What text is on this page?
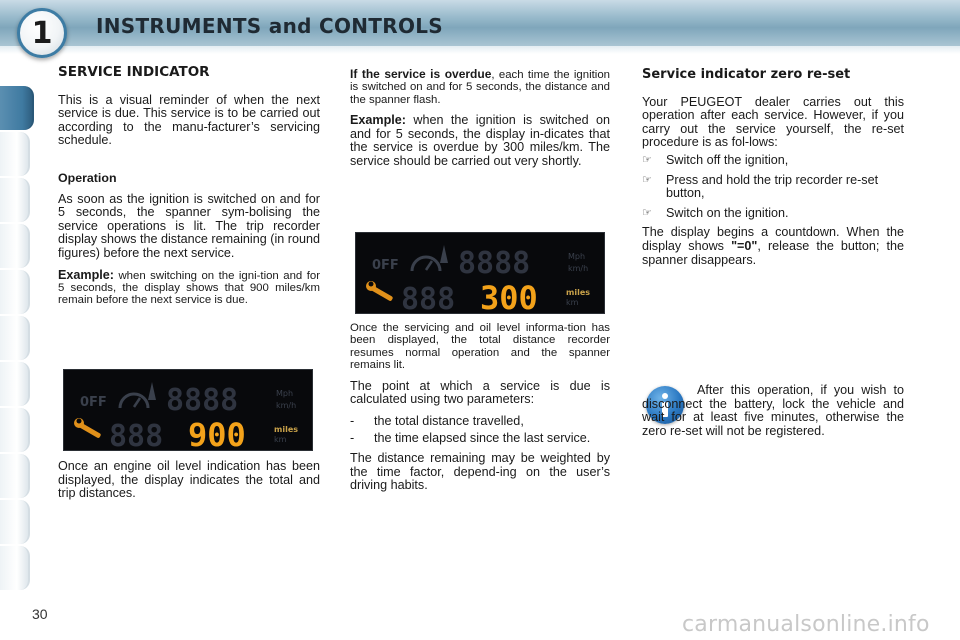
1	INSTRUMENTS and CONTROLS
SERVICE INDICATOR

This is a visual reminder of when the next service is due. This service is to be carried out according to the manu-facturer’s servicing schedule.

Operation

As soon as the ignition is switched on and for 5 seconds, the spanner sym-bolising the service operations is lit. The trip recorder display shows the distance remaining (in round figures) before the next service.

Example: when switching on the igni-tion and for 5 seconds, the display shows that 900 miles/km remain before the next service is due.

0FF 8888	Mph
km/h
888 900	miles
km

Once an engine oil level indication has been displayed, the display indicates the total and trip distances.

If the service is overdue, each time the ignition is switched on and for 5 seconds, the distance and the spanner flash.

Example: when the ignition is switched on and for 5 seconds, the display in-dicates that the service is overdue by 300 miles/km. The service should be carried out very shortly.

0FF 8888	Mph
km/h
888 300	miles
km

Once the servicing and oil level informa-tion has been displayed, the total distance recorder resumes normal operation and the spanner remains lit.

The point at which a service is due is calculated using two parameters:

-	the total distance travelled,
-	the time elapsed since the last service.

The distance remaining may be weighted by the time factor, depend-ing on the user’s driving habits.

Service indicator zero re-set

Your PEUGEOT dealer carries out this operation after each service. However, if you carry out the service yourself, the re-set procedure is as fol-lows:

☞	Switch off the ignition,
☞	Press and hold the trip recorder re-set button,
☞	Switch on the ignition.

The display begins a countdown. When the display shows "=0", release the button; the spanner disappears.

After this operation, if you wish to disconnect the battery, lock the vehicle and wait for at least five minutes, otherwise the zero re-set will not be registered.

30	carmanualsonline.info
